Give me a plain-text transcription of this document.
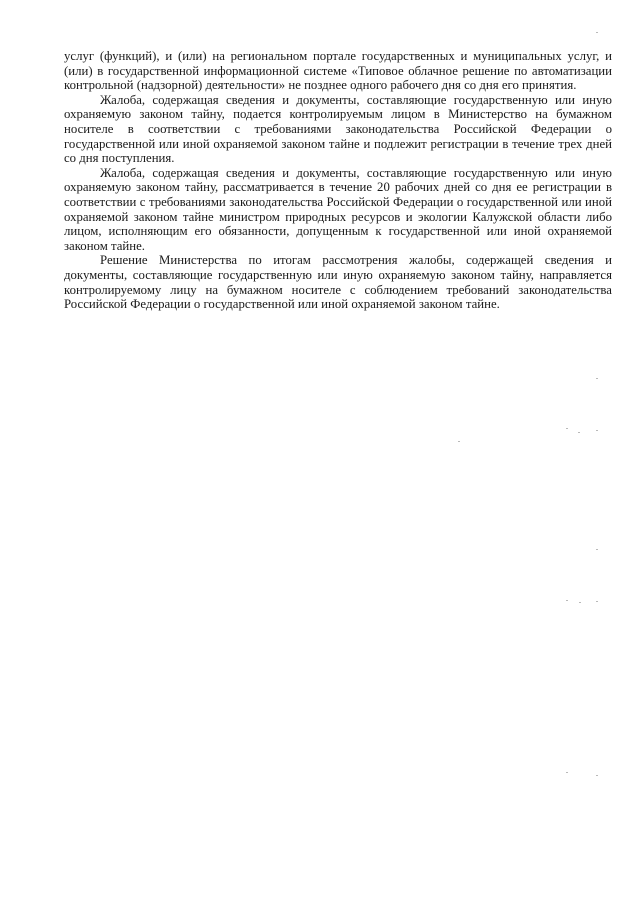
услуг (функций), и (или) на региональном портале государственных и муниципальных услуг, и (или) в государственной информационной системе «Типовое облачное решение по автоматизации контрольной (надзорной) деятельности» не позднее одного рабочего дня со дня его принятия.

Жалоба, содержащая сведения и документы, составляющие государственную или иную охраняемую законом тайну, подается контролируемым лицом в Министерство на бумажном носителе в соответствии с требованиями законодательства Российской Федерации о государственной или иной охраняемой законом тайне и подлежит регистрации в течение трех дней со дня поступления.

Жалоба, содержащая сведения и документы, составляющие государственную или иную охраняемую законом тайну, рассматривается в течение 20 рабочих дней со дня ее регистрации в соответствии с требованиями законодательства Российской Федерации о государственной или иной охраняемой законом тайне министром природных ресурсов и экологии Калужской области либо лицом, исполняющим его обязанности, допущенным к государственной или иной охраняемой законом тайне.

Решение Министерства по итогам рассмотрения жалобы, содержащей сведения и документы, составляющие государственную или иную охраняемую законом тайну, направляется контролируемому лицу на бумажном носителе с соблюдением требований законодательства Российской Федерации о государственной или иной охраняемой законом тайне.
